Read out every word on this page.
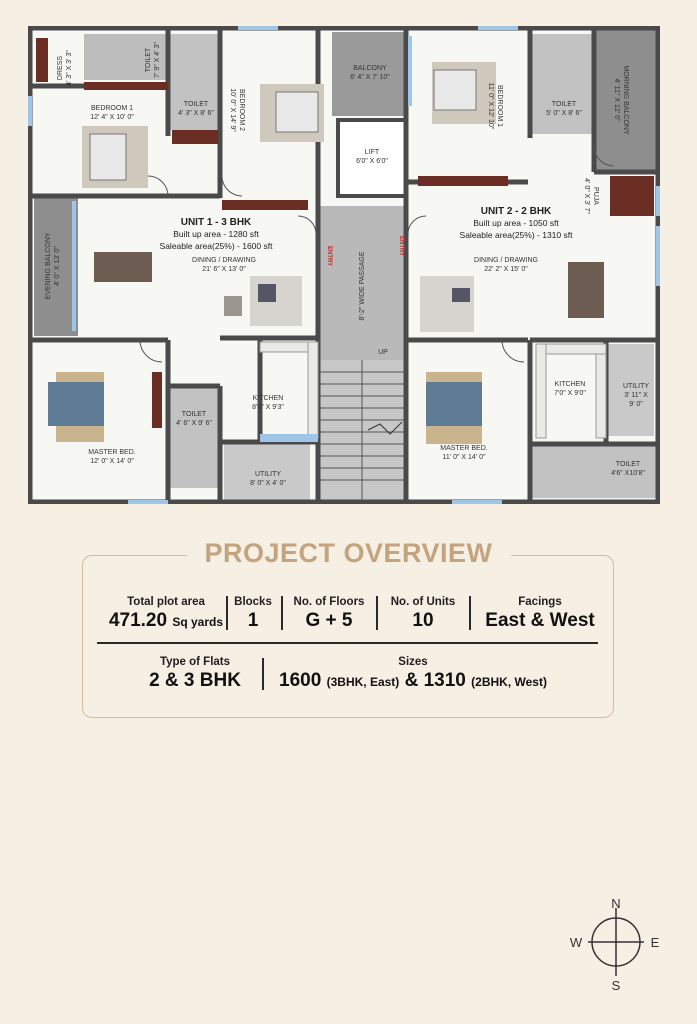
DRESS 4' 3" X 3' 3"	TOILET 7' 9" X 4' 3"
BEDROOM 1 12' 4" X 10' 0"
TOILET 4' 3" X 8' 6"	BEDROOM 210' 0" X 14' 9"
BALCONY 6' 4" X 7' 10"
LIFT 6'0" X 6'0"
BEDROOM 111' 0" X 12' 10"	TOILET 5' 0" X 8' 6"	MORNING BALCONY4' 11" X 12' 6"
PUJA4' 0" X 3' 7"
EVENING BALCONY 4' 0" X 13' 0"
UNIT 1 - 3 BHK
Built up area - 1280 sft
Saleable area(25%) - 1600 sft
DINING / DRAWING 21' 6" X 13' 0"	8'-2" WIDE PASSAGE
ENTRY	ENTRY
UNIT 2 - 2 BHK
Built up area - 1050 sft
Saleable area(25%) - 1310 sft
DINING / DRAWING 22' 2" X 15' 0"
UP
MASTER BED. 12' 0" X 14' 0"
TOILET 4' 6" X 9' 6"
KITCHEN 8'0" X 9'3"
UTILITY 8' 0" X 4' 0"
MASTER BED. 11' 0" X 14' 0"
KITCHEN 7'0" X 9'0"
UTILITY 3' 11" X 9' 0"
TOILET 4'6" X10'8"
PROJECT OVERVIEW
Total plot area
471.20 Sq yards
Blocks
1
No. of Floors
G + 5
No. of Units
10
Facings
East & West
Type of Flats
2 & 3 BHK
Sizes
1600 (3BHK, East) & 1310 (2BHK, West)
N
S
W	E
